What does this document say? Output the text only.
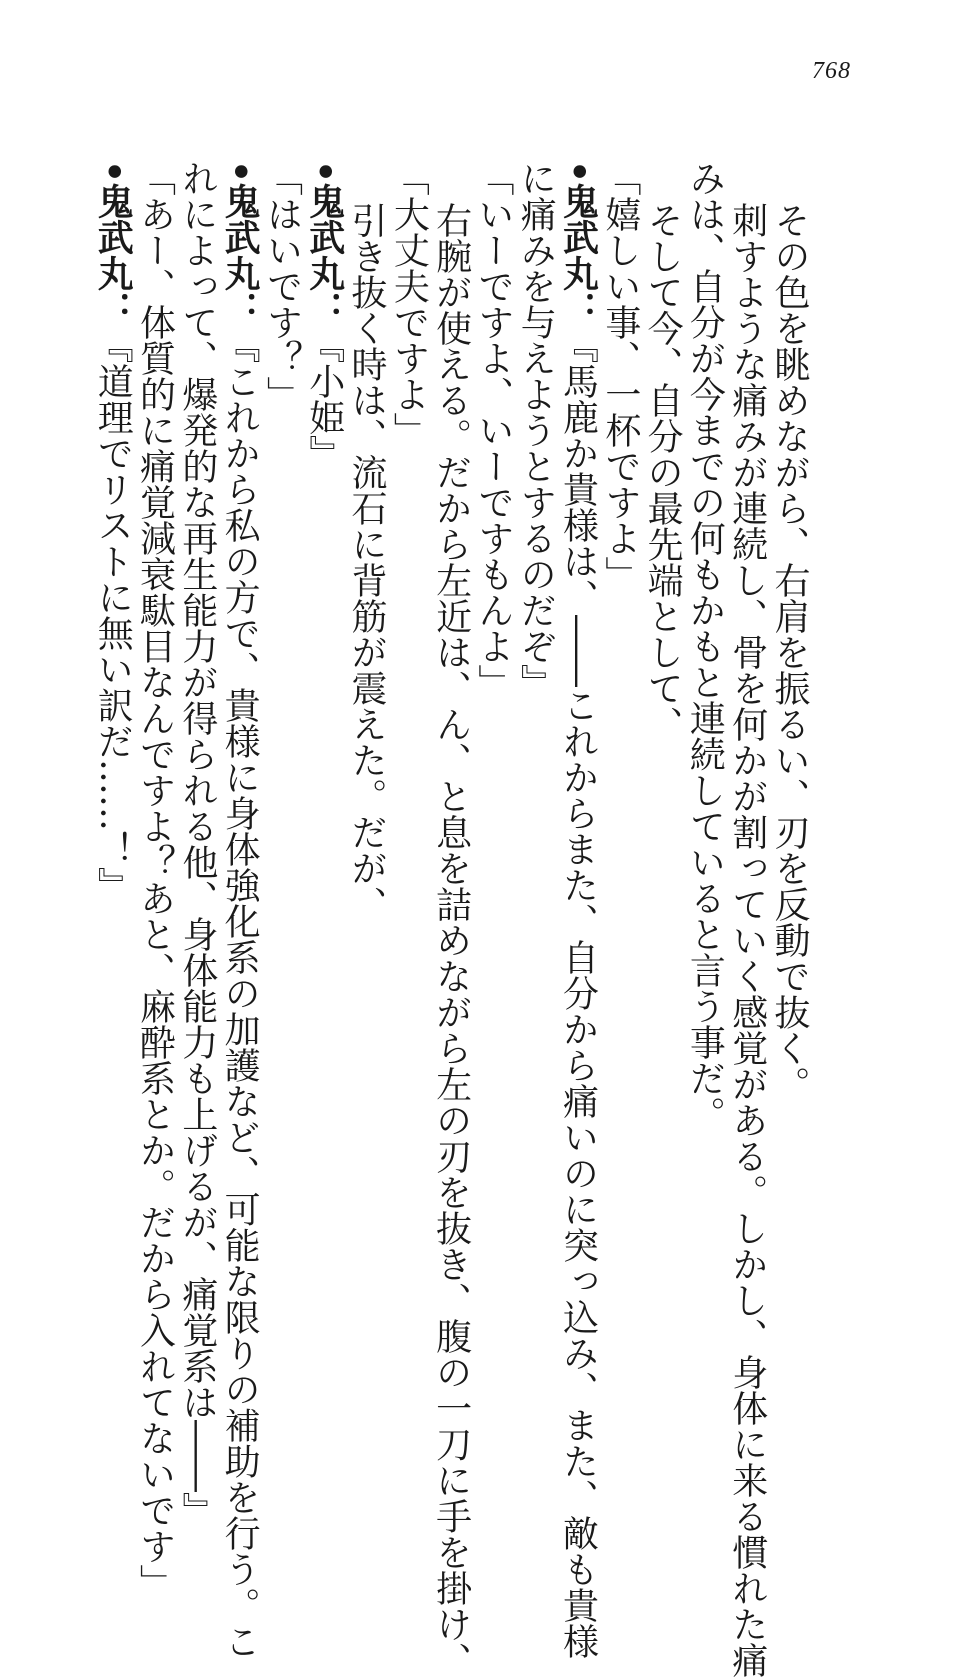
768
その色を眺めながら、右肩を振るい、刃を反動で抜く。
刺すような痛みが連続し、骨を何かが割っていく感覚がある。しかし、身体に来る慣れた痛
みは、自分が今までの何もかもと連続していると言う事だ。
そして今、自分の最先端として、
「嬉しい事、一杯ですよ」
•鬼武丸：『馬鹿か貴様は、――これからまた、自分から痛いのに突っ込み、また、敵も貴様
に痛みを与えようとするのだぞ』
「いーですよ、いーですもんよ」
右腕が使える。だから左近は、ん、と息を詰めながら左の刃を抜き、腹の一刀に手を掛け、
「大丈夫ですよ」
引き抜く時は、流石に背筋が震えた。だが、
•鬼武丸：『小姫』
「はいです？」
•鬼武丸：『これから私の方で、貴様に身体強化系の加護など、可能な限りの補助を行う。こ
れによって、爆発的な再生能力が得られる他、身体能力も上げるが、痛覚系は――』
「あー、体質的に痛覚減衰駄目なんですよ？あと、麻酔系とか。だから入れてないです」
•鬼武丸：『道理でリストに無い訳だ……！』
